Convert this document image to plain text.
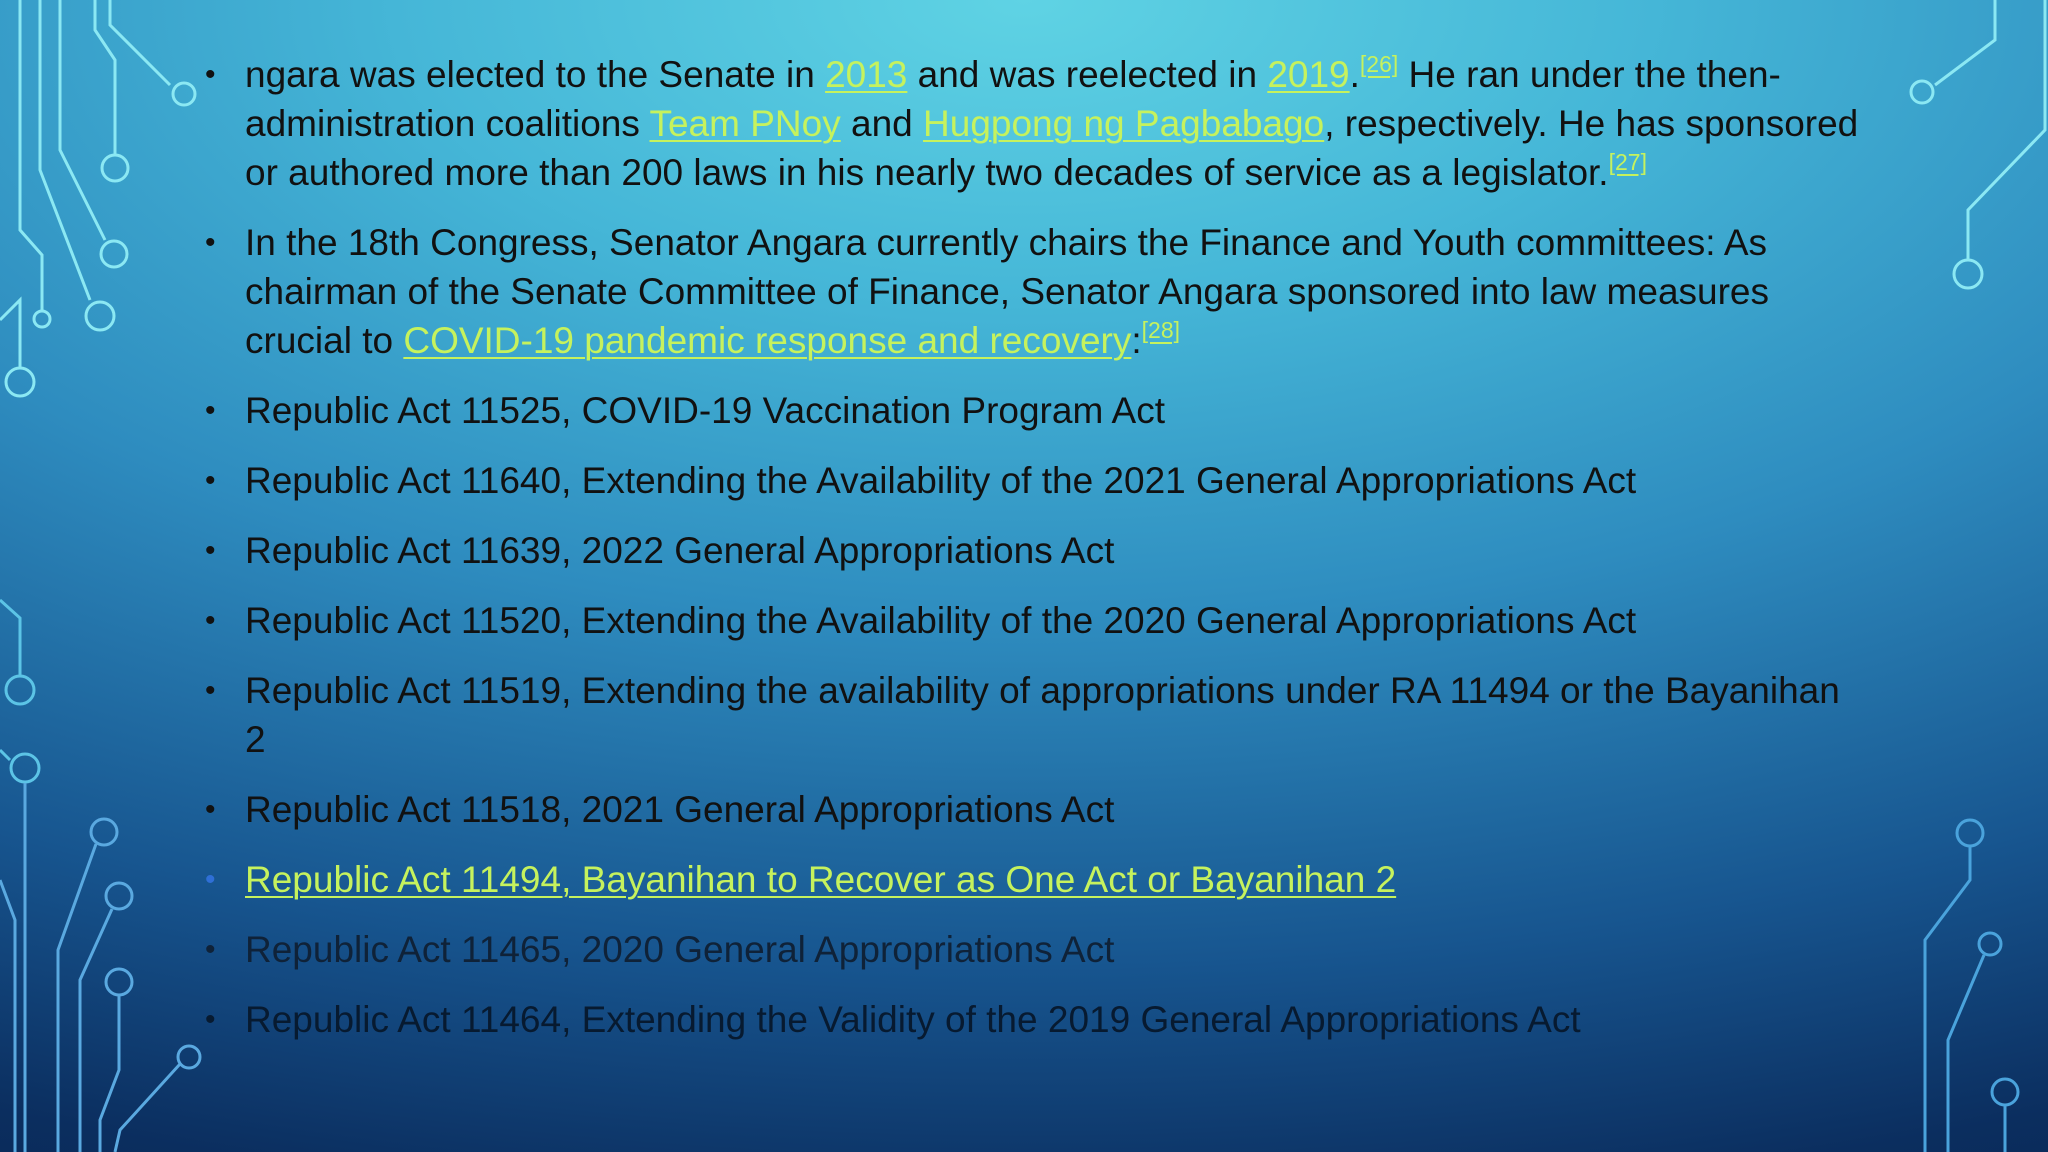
• ngara was elected to the Senate in 2013 and was reelected in 2019.[26] He ran under the then-administration coalitions Team PNoy and Hugpong ng Pagbabago, respectively. He has sponsored or authored more than 200 laws in his nearly two decades of service as a legislator.[27]
• In the 18th Congress, Senator Angara currently chairs the Finance and Youth committees: As chairman of the Senate Committee of Finance, Senator Angara sponsored into law measures crucial to COVID-19 pandemic response and recovery:[28]
• Republic Act 11525, COVID-19 Vaccination Program Act
• Republic Act 11640, Extending the Availability of the 2021 General Appropriations Act
• Republic Act 11639, 2022 General Appropriations Act
• Republic Act 11520, Extending the Availability of the 2020 General Appropriations Act
• Republic Act 11519, Extending the availability of appropriations under RA 11494 or the Bayanihan 2
• Republic Act 11518, 2021 General Appropriations Act
• Republic Act 11494, Bayanihan to Recover as One Act or Bayanihan 2
• Republic Act 11465, 2020 General Appropriations Act
• Republic Act 11464, Extending the Validity of the 2019 General Appropriations Act
